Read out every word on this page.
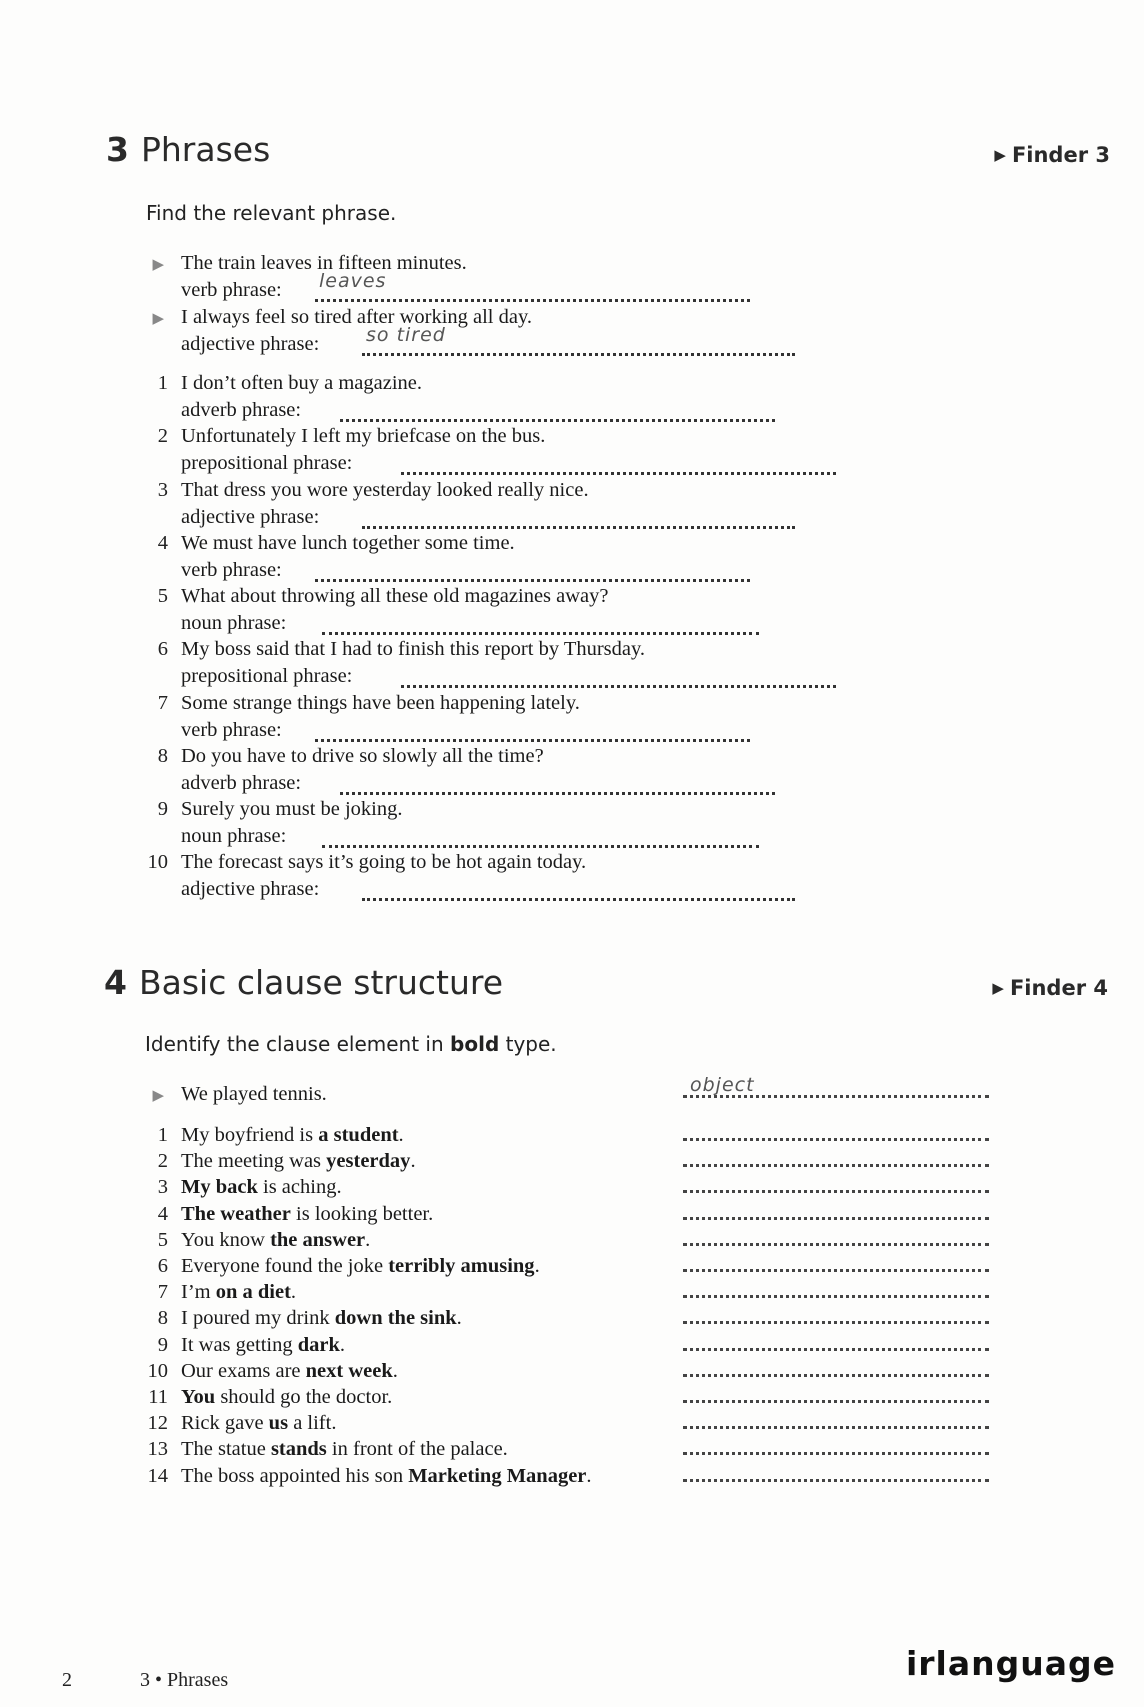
3 Phrases	▶ Finder 3

Find the relevant phrase.

▶ The train leaves in fifteen minutes.
verb phrase: leaves
▶ I always feel so tired after working all day.
adjective phrase: so tired
1 I don’t often buy a magazine.
adverb phrase:
2 Unfortunately I left my briefcase on the bus.
prepositional phrase:
3 That dress you wore yesterday looked really nice.
adjective phrase:
4 We must have lunch together some time.
verb phrase:
5 What about throwing all these old magazines away?
noun phrase:
6 My boss said that I had to finish this report by Thursday.
prepositional phrase:
7 Some strange things have been happening lately.
verb phrase:
8 Do you have to drive so slowly all the time?
adverb phrase:
9 Surely you must be joking.
noun phrase:
10 The forecast says it’s going to be hot again today.
adjective phrase:
4 Basic clause structure	▶ Finder 4

Identify the clause element in bold type.

▶ We played tennis.	object
1 My boyfriend is a student.
2 The meeting was yesterday.
3 My back is aching.
4 The weather is looking better.
5 You know the answer.
6 Everyone found the joke terribly amusing.
7 I’m on a diet.
8 I poured my drink down the sink.
9 It was getting dark.
10 Our exams are next week.
11 You should go the doctor.
12 Rick gave us a lift.
13 The statue stands in front of the palace.
14 The boss appointed his son Marketing Manager.
2	3 • Phrases	irlanguage
